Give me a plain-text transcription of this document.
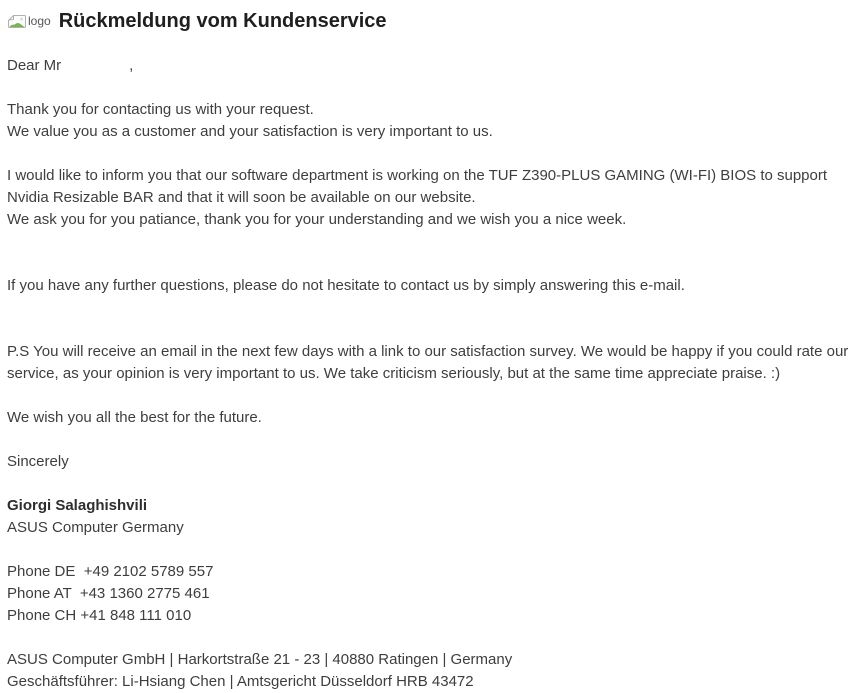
logo Rückmeldung vom Kundenservice
Dear Mr	,
Thank you for contacting us with your request.
We value you as a customer and your satisfaction is very important to us.
I would like to inform you that our software department is working on the TUF Z390-PLUS GAMING (WI-FI) BIOS to support Nvidia Resizable BAR and that it will soon be available on our website.
We ask you for you patiance, thank you for your understanding and we wish you a nice week.
If you have any further questions, please do not hesitate to contact us by simply answering this e-mail.
P.S You will receive an email in the next few days with a link to our satisfaction survey. We would be happy if you could rate our service, as your opinion is very important to us. We take criticism seriously, but at the same time appreciate praise. :)
We wish you all the best for the future.
Sincerely
Giorgi Salaghishvili
ASUS Computer Germany
Phone DE  +49 2102 5789 557
Phone AT  +43 1360 2775 461
Phone CH +41 848 111 010
ASUS Computer GmbH | Harkortstraße 21 - 23 | 40880 Ratingen | Germany
Geschäftsführer: Li-Hsiang Chen | Amtsgericht Düsseldorf HRB 43472
